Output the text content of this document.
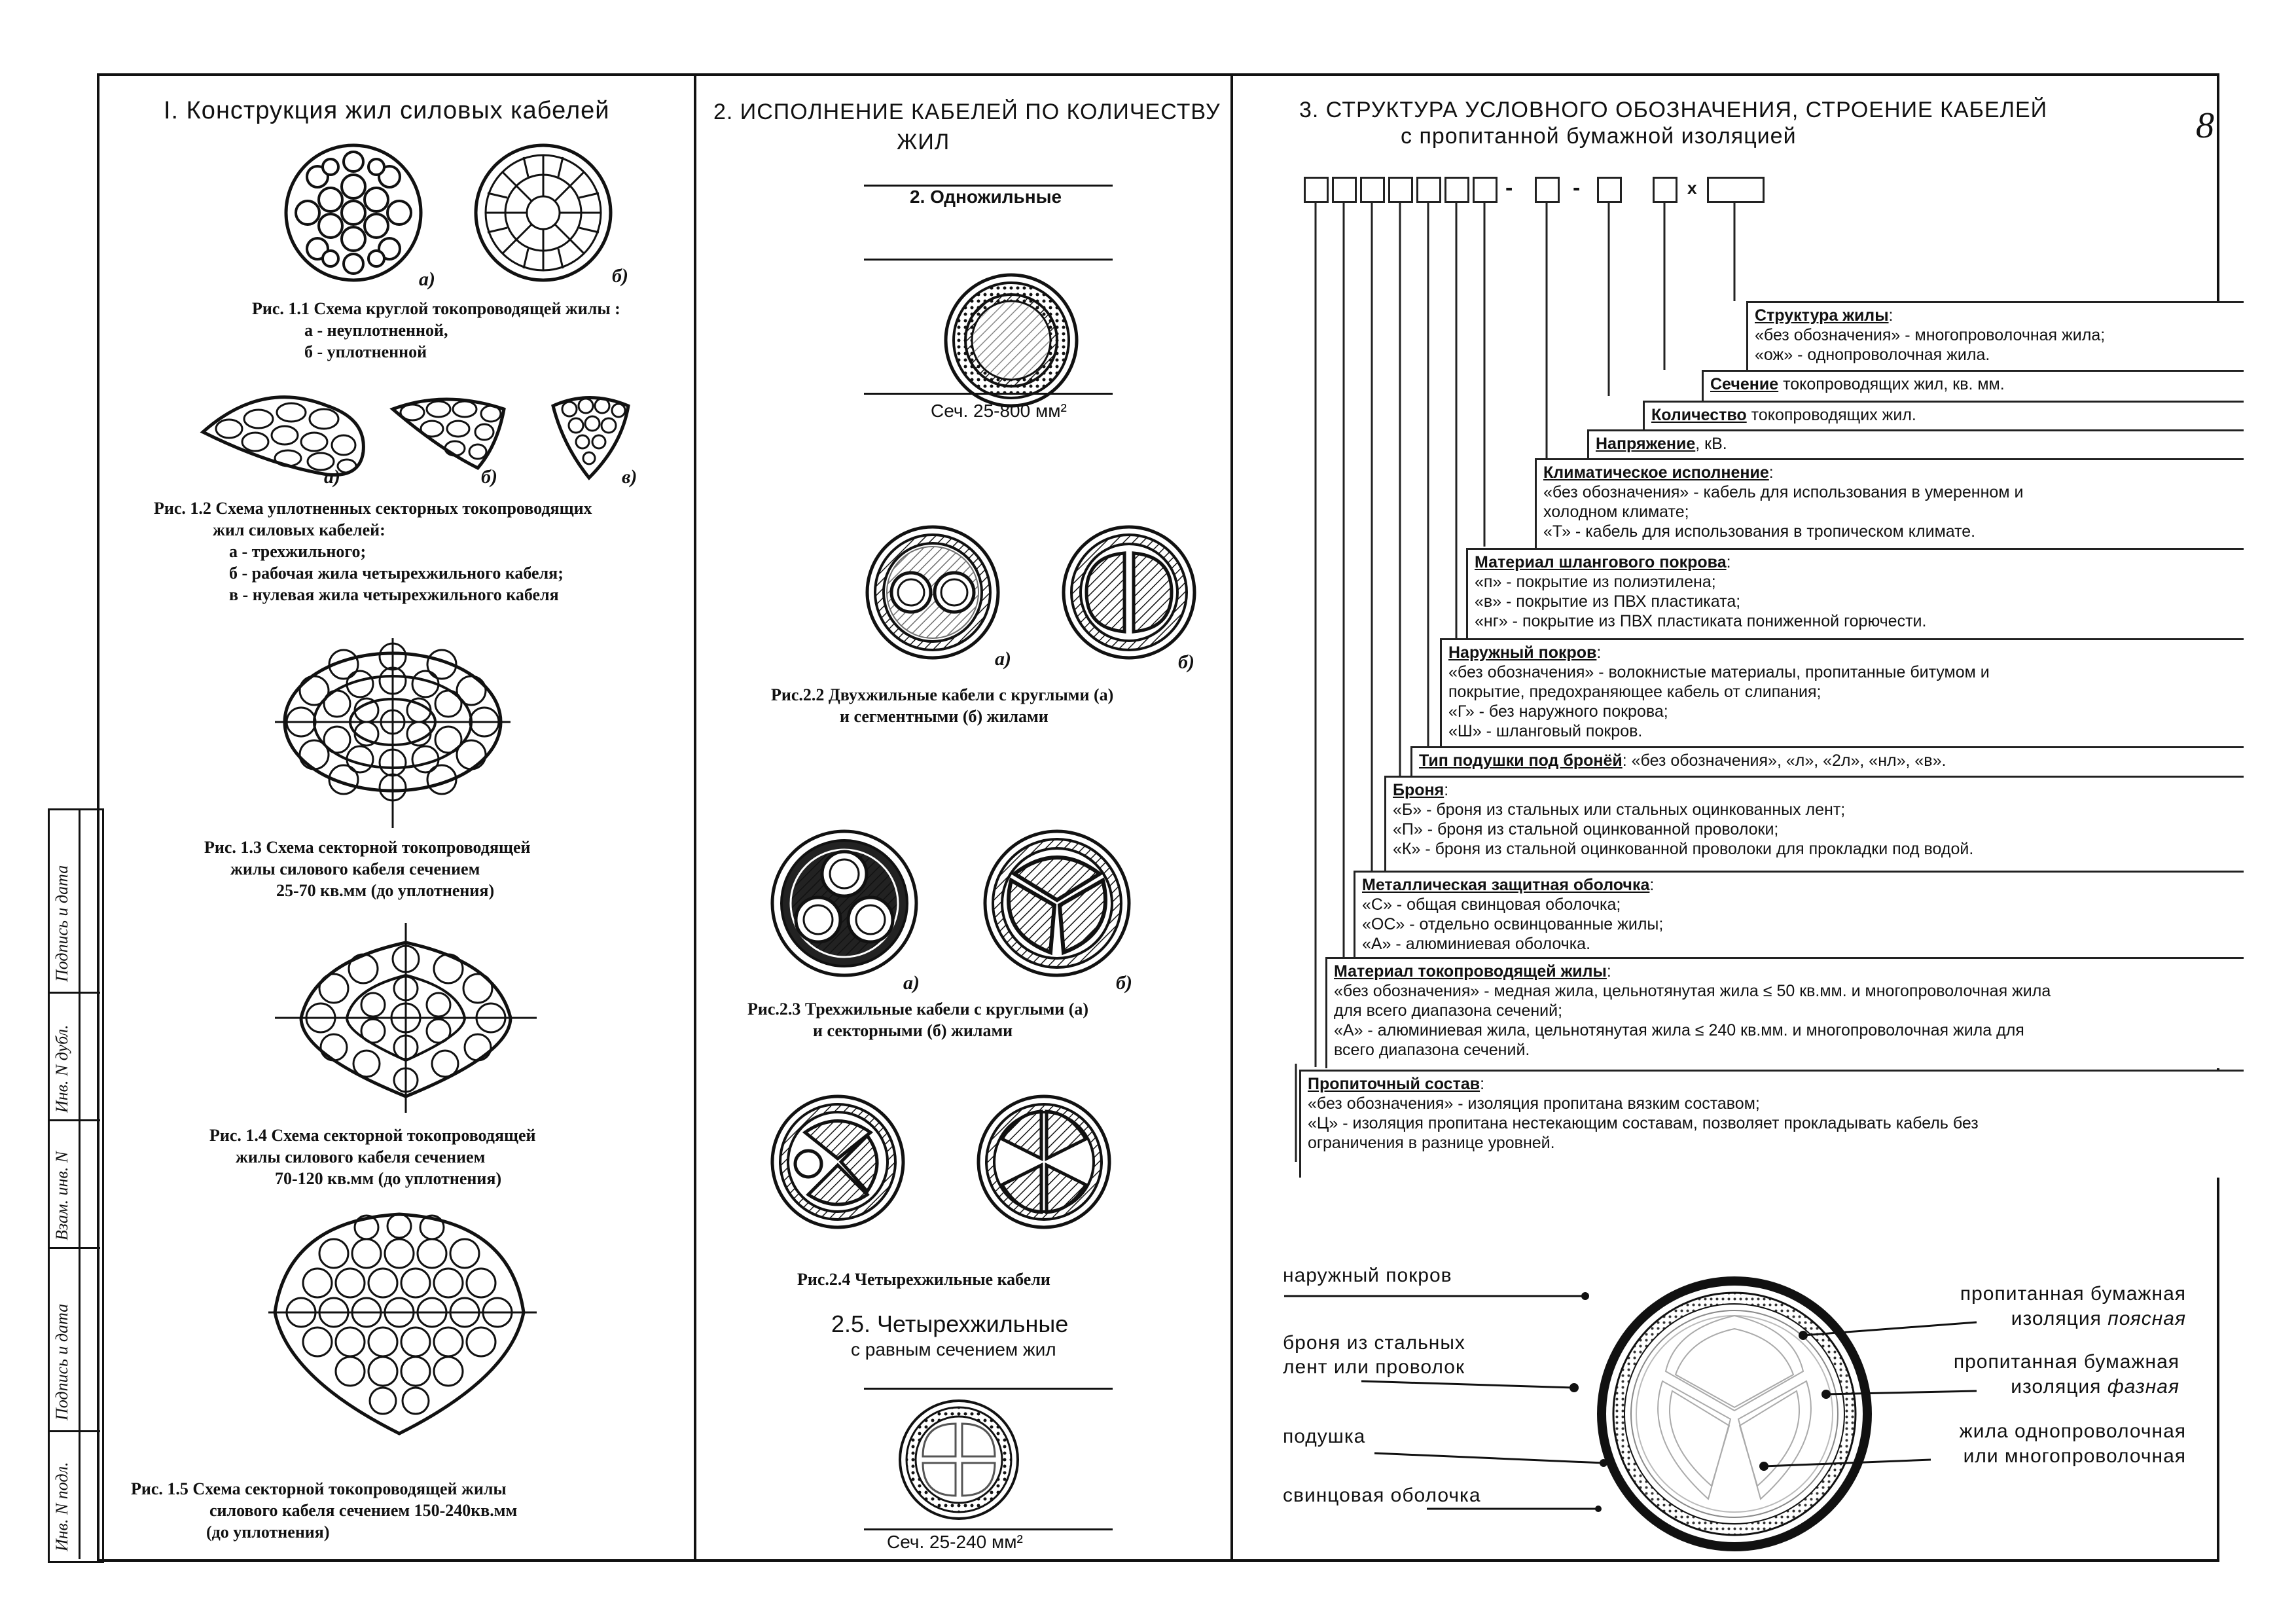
Подпись и дата
Инв. N дубл.
Взам. инв. N
Подпись и дата
Инв. N подл.
8
I. Конструкция жил силовых кабелей
а)	б)
Рис. 1.1 Схема круглой токопроводящей жилы :
а - неуплотненной,
б - уплотненной
а)	б)	в)
Рис. 1.2 Схема уплотненных секторных токопроводящих
жил силовых кабелей:
а - трехжильного;
б - рабочая жила четырехжильного кабеля;
в - нулевая жила четырехжильного кабеля
Рис. 1.3 Схема секторной токопроводящей
жилы силового кабеля сечением
25-70 кв.мм (до уплотнения)
Рис. 1.4 Схема секторной токопроводящей
жилы силового кабеля сечением
70-120 кв.мм (до уплотнения)
Рис. 1.5 Схема секторной токопроводящей жилы
силового кабеля сечением 150-240кв.мм
(до уплотнения)
2. ИСПОЛНЕНИЕ КАБЕЛЕЙ ПО КОЛИЧЕСТВУ
ЖИЛ
2. Одножильные
Сеч. 25-800 мм²
а)	б)
Рис.2.2 Двухжильные кабели с круглыми (а)
и сегментными (б) жилами
а)	б)
Рис.2.3 Трехжильные кабели с круглыми (а)
и секторными (б) жилами
Рис.2.4 Четырехжильные кабели
2.5. Четырехжильные
с равным сечением жил
Сеч. 25-240 мм²
3. СТРУКТУРА УСЛОВНОГО ОБОЗНАЧЕНИЯ, СТРОЕНИЕ КАБЕЛЕЙ
с пропитанной бумажной изоляцией
-	-	x
Структура жилы:
«без обозначения» - многопроволочная жила;
«ож» - однопроволочная жила.
Сечение токопроводящих жил, кв. мм.
Количество токопроводящих жил.
Напряжение, кВ.
Климатическое исполнение:
«без обозначения» - кабель для использования в умеренном и
холодном климате;
«Т» - кабель для использования в тропическом климате.
Материал шлангового покрова:
«п» - покрытие из полиэтилена;
«в» - покрытие из ПВХ пластиката;
«нг» - покрытие из ПВХ пластиката пониженной горючести.
Наружный покров:
«без обозначения» - волокнистые материалы, пропитанные битумом и
покрытие, предохраняющее кабель от слипания;
«Г» - без наружного покрова;
«Ш» - шланговый покров.
Тип подушки под бронёй: «без обозначения», «л», «2л», «нл», «в».
Броня:
«Б» - броня из стальных или стальных оцинкованных лент;
«П» - броня из стальной оцинкованной проволоки;
«К» - броня из стальной оцинкованной проволоки для прокладки под водой.
Металлическая защитная оболочка:
«С» - общая свинцовая оболочка;
«ОС» - отдельно освинцованные жилы;
«А» - алюминиевая оболочка.
Материал токопроводящей жилы:
«без обозначения» - медная жила, цельнотянутая жила ≤ 50 кв.мм. и многопроволочная жила
для всего диапазона сечений;
«А» - алюминиевая жила, цельнотянутая жила ≤ 240 кв.мм. и многопроволочная жила для
всего диапазона сечений.
Пропиточный состав:
«без обозначения» - изоляция пропитана вязким составом;
«Ц» - изоляция пропитана нестекающим составам, позволяет прокладывать кабель без
ограничения в разнице уровней.
наружный покров
броня из стальных
лент или проволок
подушка
свинцовая оболочка
пропитанная бумажная
изоляция поясная
пропитанная бумажная
изоляция фазная
жила однопроволочная
или многопроволочная
